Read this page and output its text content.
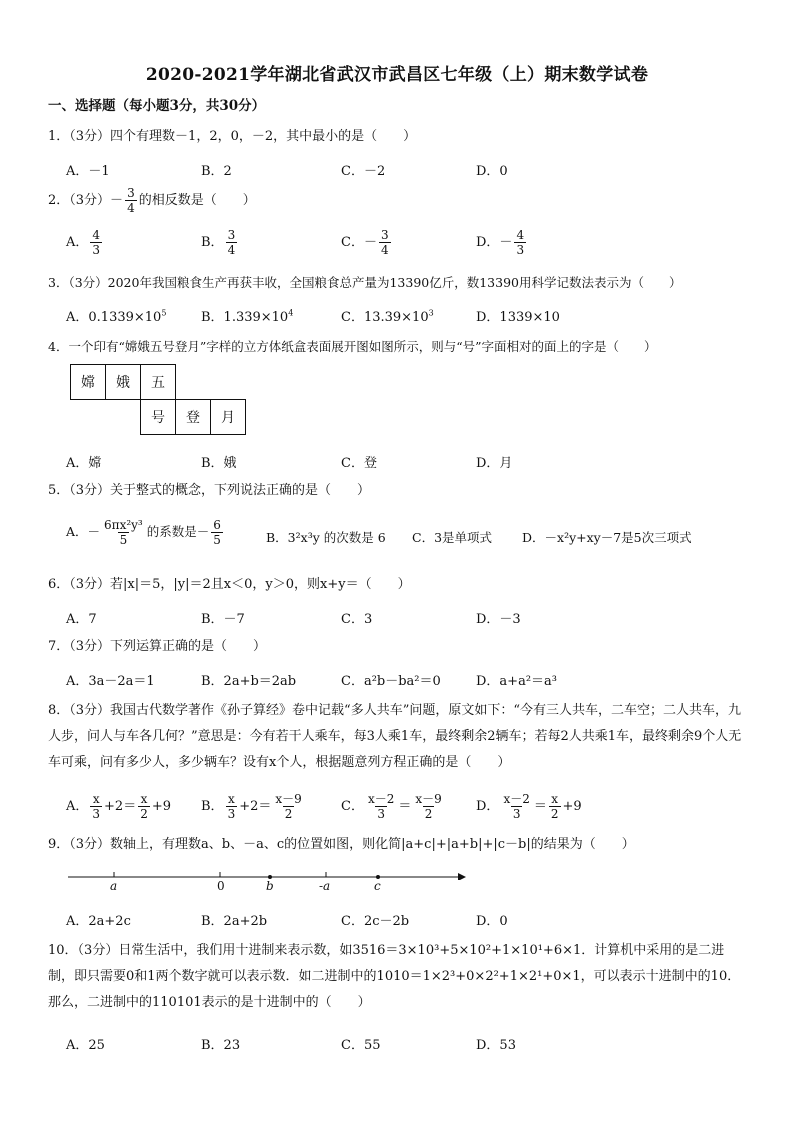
2020-2021学年湖北省武汉市武昌区七年级（上）期末数学试卷
一、选择题（每小题3分，共30分）
1．（3分）四个有理数－1，2，0，－2，其中最小的是（　　）
A．－1	B．2	C．－2	D．0
2．（3分）－ $\frac{3}{4}$ 的相反数是（　　）
A． $\frac{4}{3}$	B． $\frac{3}{4}$	C．－ $\frac{3}{4}$	D．－ $\frac{4}{3}$
3．（3分）2020年我国粮食生产再获丰收，全国粮食总产量为13390亿斤，数13390用科学记数法表示为（　　）
A．$0.1339\times 10^5$	B．$1.339\times 10^4$	C．$13.39\times 10^3$	D．1339×10
4．一个印有“嫦娥五号登月”字样的立方体纸盒表面展开图如图所示，则与“号”字面相对的面上的字是（　　）
嫦	娥	五
号	登	月
A．嫦	B．娥	C．登	D．月
5．（3分）关于整式的概念，下列说法正确的是（　　）
A．－ $\frac{\text{6πx²y³}}{5}$ 的系数是－ $\frac{6}{5}$	B．3²x³y 的次数是 6 C．3是单项式 D．－x²y+xy－7是5次三项式
6．（3分）若|x|＝5，|y|＝2且x＜0，y＞0，则x+y＝（　　）
A．7	B．－7	C．3	D．－3
7．（3分）下列运算正确的是（　　）
A．3a－2a＝1	B．2a+b＝2ab	C．a²b－ba²＝0	D．a+a²＝a³
8．（3分）我国古代数学著作《孙子算经》卷中记载“多人共车”问题，原文如下：“今有三人共车，二车空；二人共车，九人步，问人与车各几何？”意思是：今有若干人乘车，每3人乘1车，最终剩余2辆车；若每2人共乘1车，最终剩余9个人无车可乘，问有多少人，多少辆车？设有x个人，根据题意列方程正确的是（　　）
A． $\frac{x}{3} +2= \frac{x}{2} +9$ B． $\frac{x}{3} +2= \frac{x-9}{2}$	C． $\frac{x-2}{3} = \frac{x-9}{2}$ D． $\frac{x-2}{3} = \frac{x}{2} +9$
9．（3分）数轴上，有理数a、b、－a、c的位置如图，则化简|a+c|+|a+b|+|c－b|的结果为（　　）
a	0	b	-a	c
A．2a+2c	B．2a+2b	C．2c－2b	D．0
10．（3分）日常生活中，我们用十进制来表示数，如3516＝3×10³+5×10²+1×10¹+6×1．计算机中采用的是二进制，即只需要0和1两个数字就可以表示数．如二进制中的1010＝1×2³+0×2²+1×2¹+0×1，可以表示十进制中的10．那么，二进制中的110101表示的是十进制中的（　　）
A．25	B．23	C．55	D．53
